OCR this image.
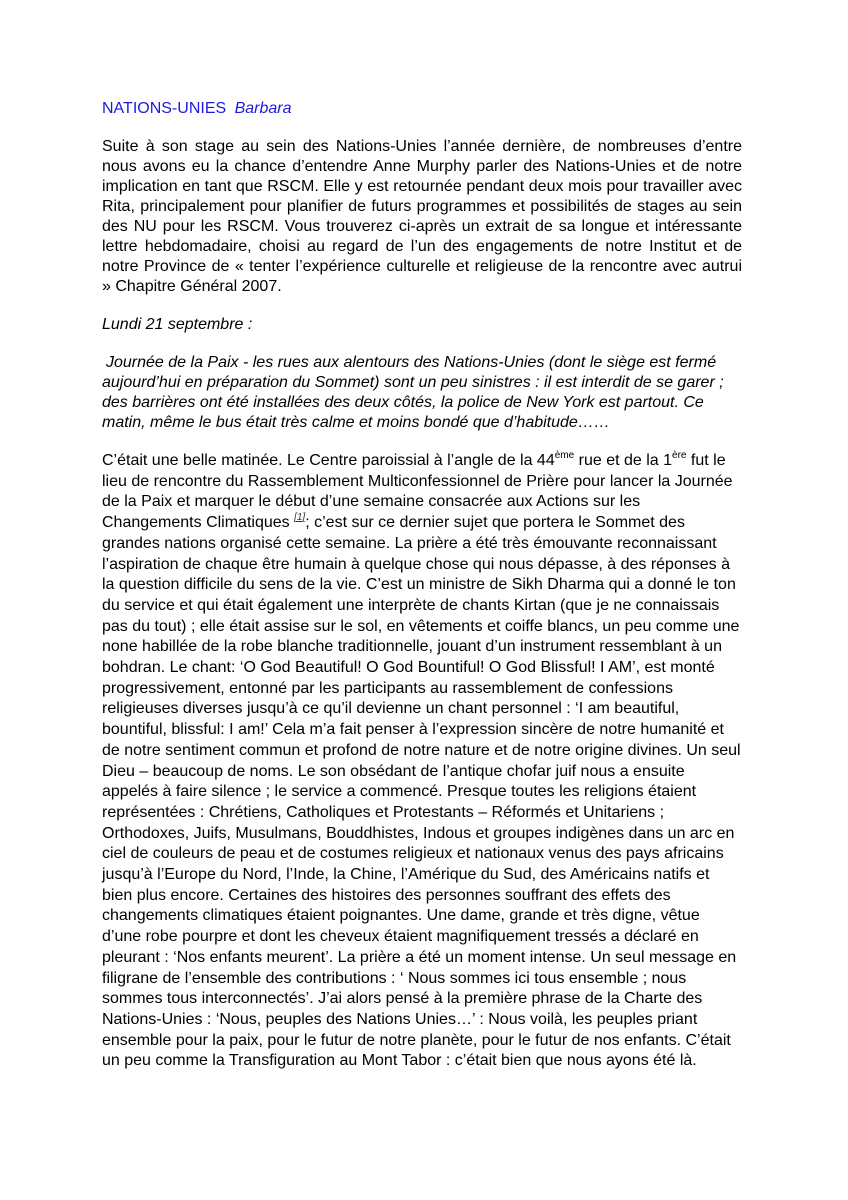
NATIONS-UNIES Barbara

Suite à son stage au sein des Nations-Unies l’année dernière, de nombreuses d’entre nous avons eu la chance d’entendre Anne Murphy parler des Nations-Unies et de notre implication en tant que RSCM. Elle y est retournée pendant deux mois pour travailler avec Rita, principalement pour planifier de futurs programmes et possibilités de stages au sein des NU pour les RSCM. Vous trouverez ci-après un extrait de sa longue et intéressante lettre hebdomadaire, choisi au regard de l’un des engagements de notre Institut et de notre Province de « tenter l’expérience culturelle et religieuse de la rencontre avec autrui » Chapitre Général 2007.

Lundi 21 septembre :

Journée de la Paix - les rues aux alentours des Nations-Unies (dont le siège est fermé aujourd’hui en préparation du Sommet) sont un peu sinistres : il est interdit de se garer ; des barrières ont été installées des deux côtés, la police de New York est partout. Ce matin, même le bus était très calme et moins bondé que d’habitude……

C’était une belle matinée. Le Centre paroissial à l’angle de la 44ème rue et de la 1ère fut le lieu de rencontre du Rassemblement Multiconfessionnel de Prière pour lancer la Journée de la Paix et marquer le début d’une semaine consacrée aux Actions sur les Changements Climatiques [1]; c’est sur ce dernier sujet que portera le Sommet des grandes nations organisé cette semaine. La prière a été très émouvante reconnaissant l’aspiration de chaque être humain à quelque chose qui nous dépasse, à des réponses à la question difficile du sens de la vie. C’est un ministre de Sikh Dharma qui a donné le ton du service et qui était également une interprète de chants Kirtan (que je ne connaissais pas du tout) ; elle était assise sur le sol, en vêtements et coiffe blancs, un peu comme une none habillée de la robe blanche traditionnelle, jouant d’un instrument ressemblant à un bohdran. Le chant: ‘O God Beautiful! O God Bountiful! O God Blissful! I AM’, est monté progressivement, entonné par les participants au rassemblement de confessions religieuses diverses jusqu’à ce qu’il devienne un chant personnel : ‘I am beautiful, bountiful, blissful: I am!’ Cela m’a fait penser à l’expression sincère de notre humanité et de notre sentiment commun et profond de notre nature et de notre origine divines. Un seul Dieu – beaucoup de noms. Le son obsédant de l’antique chofar juif nous a ensuite appelés à faire silence ; le service a commencé. Presque toutes les religions étaient représentées : Chrétiens, Catholiques et Protestants – Réformés et Unitariens ; Orthodoxes, Juifs, Musulmans, Bouddhistes, Indous et groupes indigènes dans un arc en ciel de couleurs de peau et de costumes religieux et nationaux venus des pays africains jusqu’à l’Europe du Nord, l’Inde, la Chine, l’Amérique du Sud, des Américains natifs et bien plus encore. Certaines des histoires des personnes souffrant des effets des changements climatiques étaient poignantes. Une dame, grande et très digne, vêtue d’une robe pourpre et dont les cheveux étaient magnifiquement tressés a déclaré en pleurant : ‘Nos enfants meurent’. La prière a été un moment intense. Un seul message en filigrane de l’ensemble des contributions : ‘ Nous sommes ici tous ensemble ; nous sommes tous interconnectés’. J’ai alors pensé à la première phrase de la Charte des Nations-Unies : ‘Nous, peuples des Nations Unies…’ : Nous voilà, les peuples priant ensemble pour la paix, pour le futur de notre planète, pour le futur de nos enfants. C’était un peu comme la Transfiguration au Mont Tabor : c’était bien que nous ayons été là.
